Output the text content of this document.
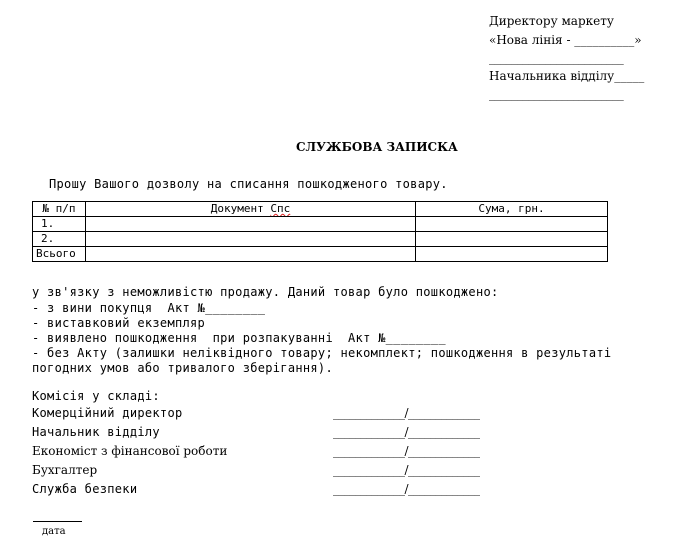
Директору маркету
«Нова лінія - __________»
________________________
Начальника відділу_____
________________________
СЛУЖБОВА ЗАПИСКА
Прошу Вашого дозволу на списання пошкодженого товару.
№ п/п	Документ Спс	Сума, грн.
1.		
2.		
Всього		
у зв'язку з неможливістю продажу. Даний товар було пошкоджено:
- з вини покупця  Акт №________
- виставковий екземпляр
- виявлено пошкодження  при розпакуванні  Акт №________
- без Акту (залишки неліквідного товару; некомплект; пошкодження в результаті
погодних умов або тривалого зберігання).
Комісія у складі:
Комерційний директор	_____________/_____________
Начальник відділу	_____________/_____________
Економіст з фінансової роботи	_____________/_____________
Бухгалтер	_____________/_____________
Служба безпеки	_____________/_____________
дата
